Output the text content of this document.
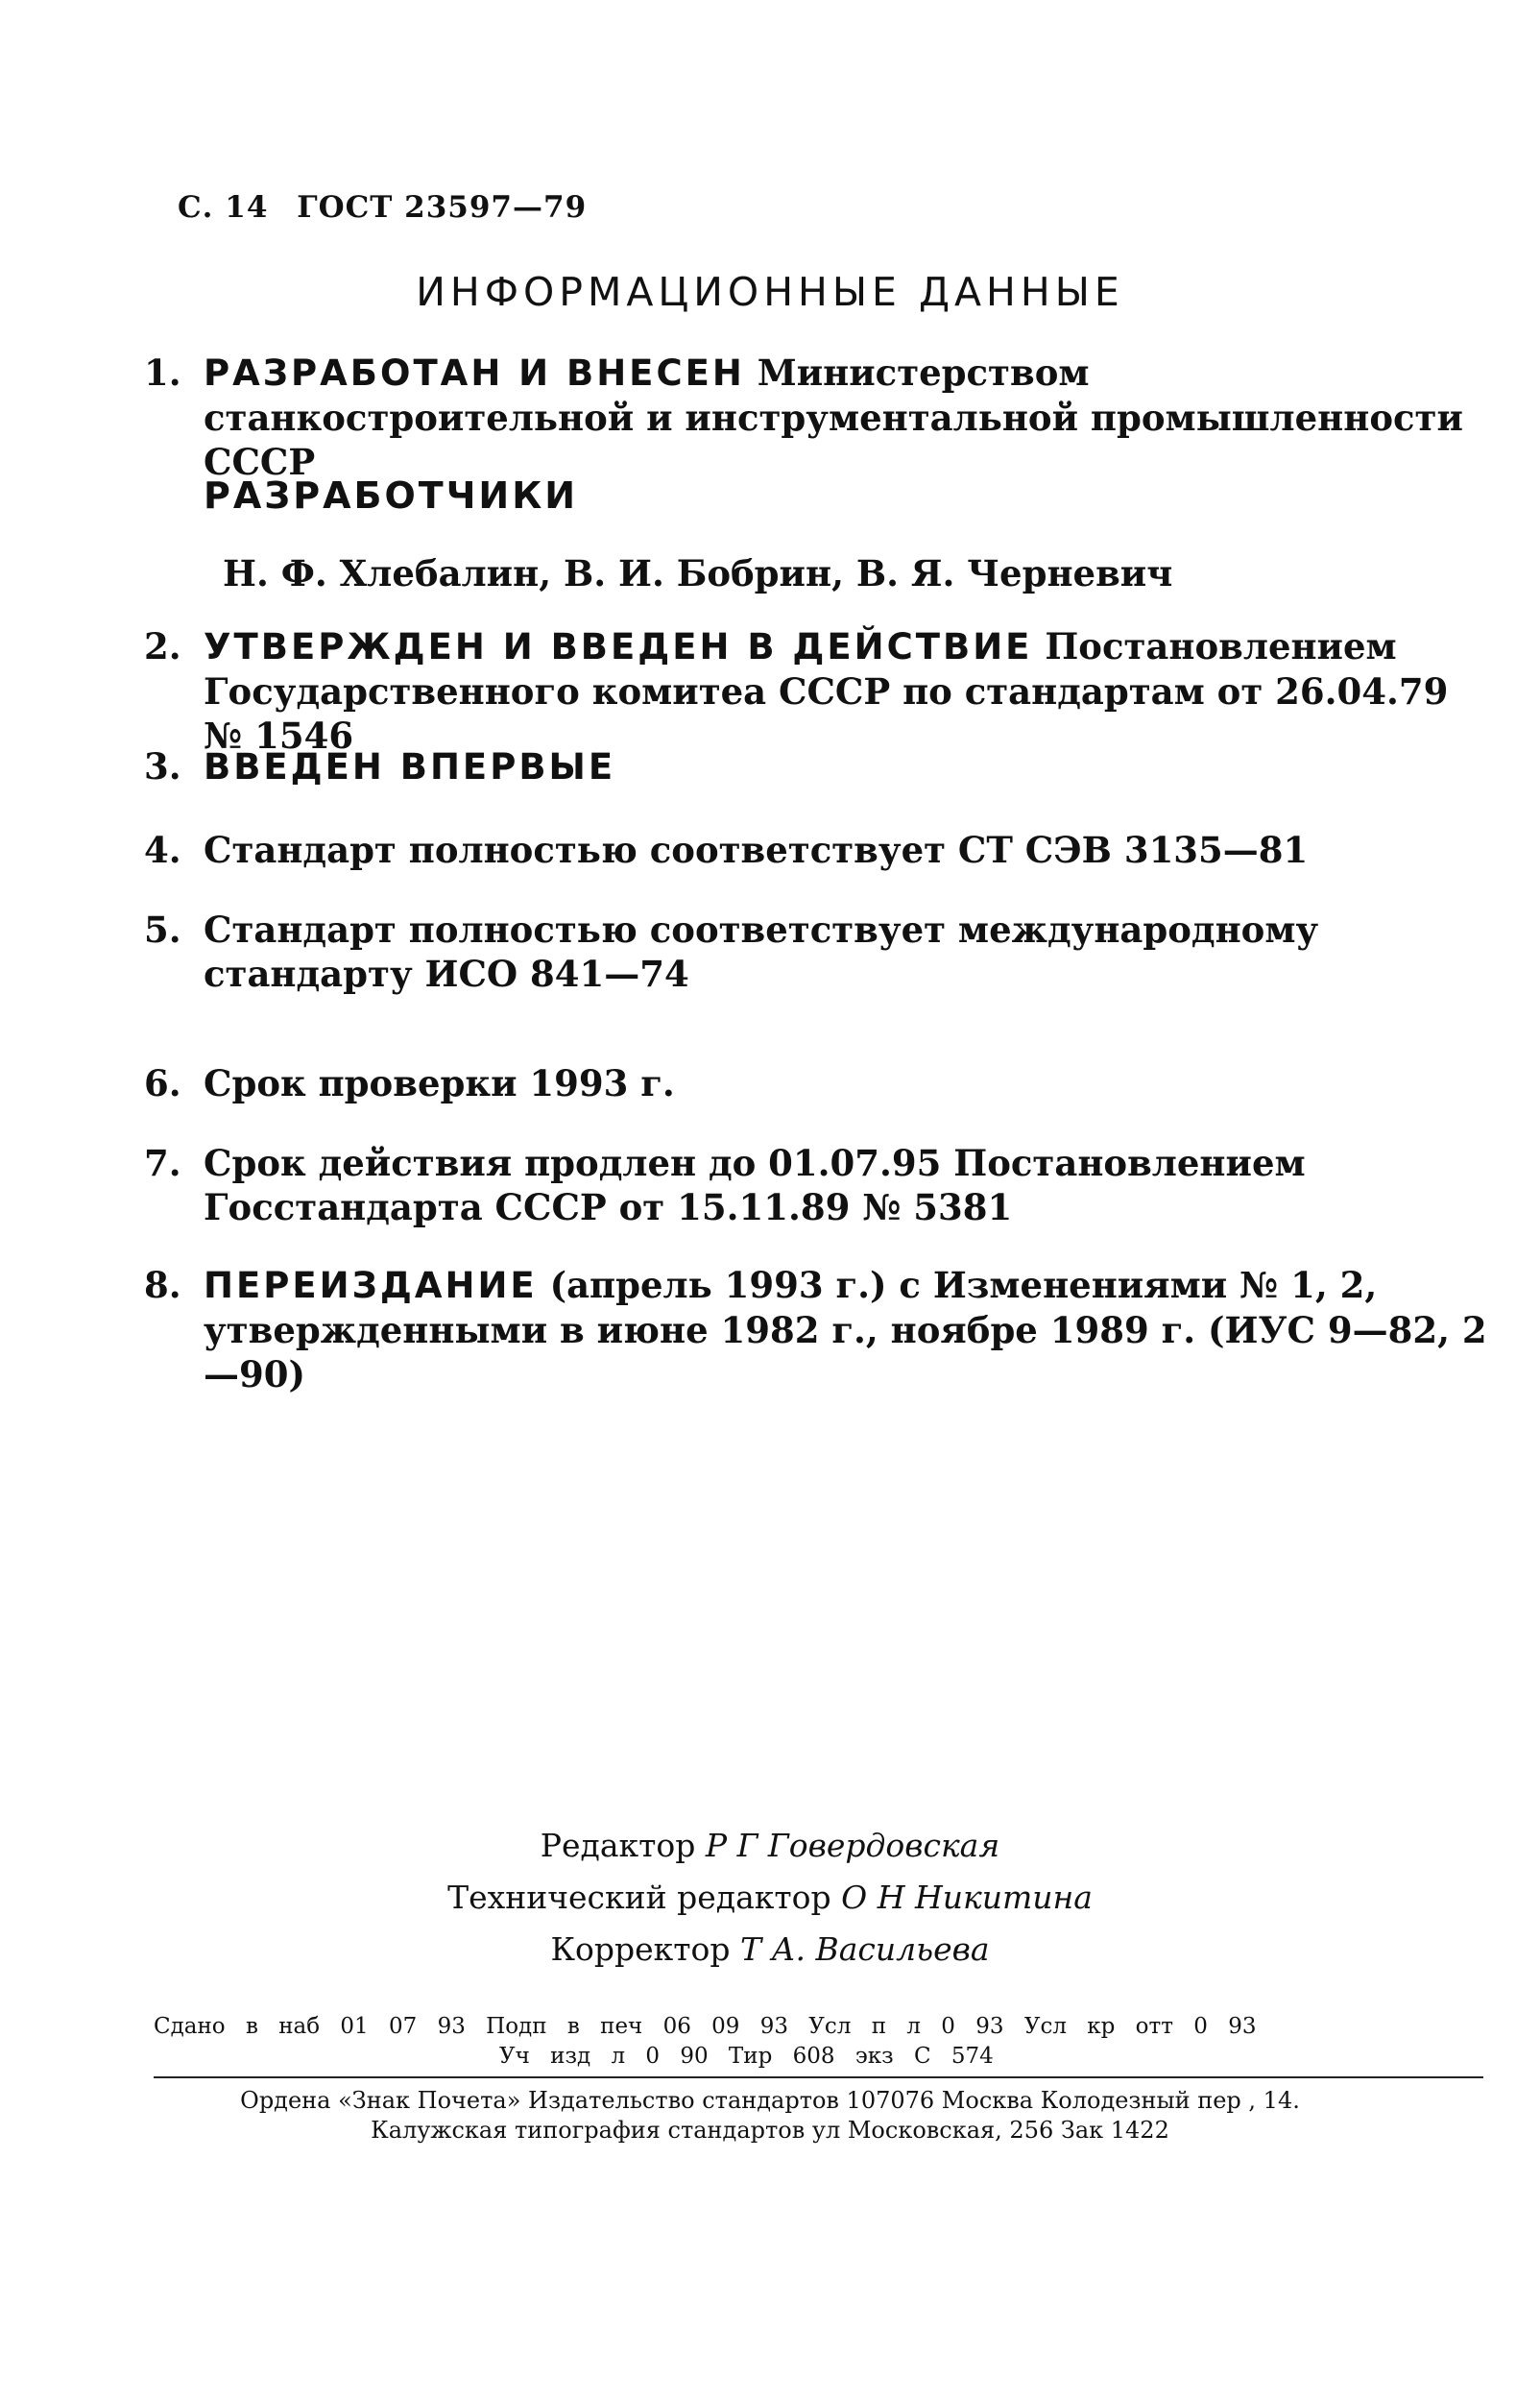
С. 14 ГОСТ 23597—79
ИНФОРМАЦИОННЫЕ ДАННЫЕ
1. РАЗРАБОТАН И ВНЕСЕН Министерством станкостроительной и инструментальной промышленности СССР
РАЗРАБОТЧИКИ
Н. Ф. Хлебалин, В. И. Бобрин, В. Я. Черневич
2. УТВЕРЖДЕН И ВВЕДЕН В ДЕЙСТВИЕ Постановлением Государственного комитеа СССР по стандартам от 26.04.79 № 1546
3. ВВЕДЕН ВПЕРВЫЕ
4. Стандарт полностью соответствует СТ СЭВ 3135—81
5. Стандарт полностью соответствует международному стандарту ИСО 841—74
6. Срок проверки 1993 г.
7. Срок действия продлен до 01.07.95 Постановлением Госстандарта СССР от 15.11.89 № 5381
8. ПЕРЕИЗДАНИЕ (апрель 1993 г.) с Изменениями № 1, 2, утвержденными в июне 1982 г., ноябре 1989 г. (ИУС 9—82, 2—90)
Редактор Р Г Говердовская
Технический редактор О Н Никитина
Корректор Т А. Васильева
Сдано в наб 01 07 93 Подп в печ 06 09 93 Усл п л 0 93 Усл кр отт 0 93
Уч изд л 0 90 Тир 608 экз С 574
Ордена «Знак Почета» Издательство стандартов 107076 Москва Колодезный пер , 14.
Калужская типография стандартов ул Московская, 256 Зак 1422
